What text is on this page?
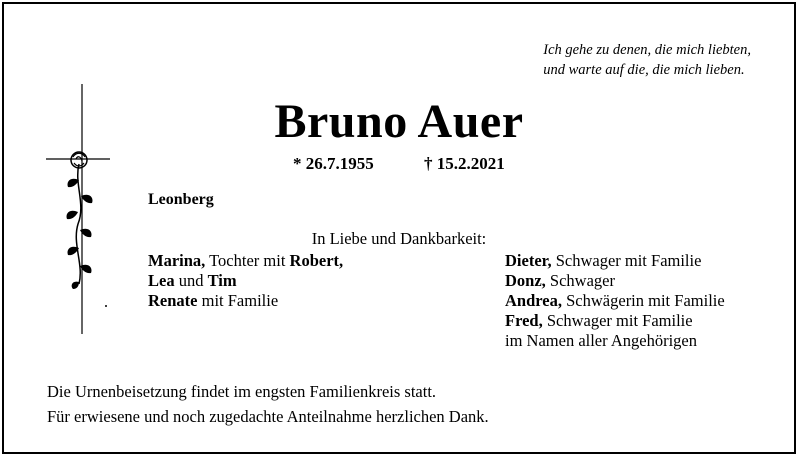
Ich gehe zu denen, die mich liebten,
und warte auf die, die mich lieben.
Bruno Auer
* 26.7.1955	† 15.2.2021
Leonberg
In Liebe und Dankbarkeit:
Marina, Tochter mit Robert,
Lea und Tim
Renate mit Familie
Dieter, Schwager mit Familie
Donz, Schwager
Andrea, Schwägerin mit Familie
Fred, Schwager mit Familie
im Namen aller Angehörigen
Die Urnenbeisetzung findet im engsten Familienkreis statt.
Für erwiesene und noch zugedachte Anteilnahme herzlichen Dank.
